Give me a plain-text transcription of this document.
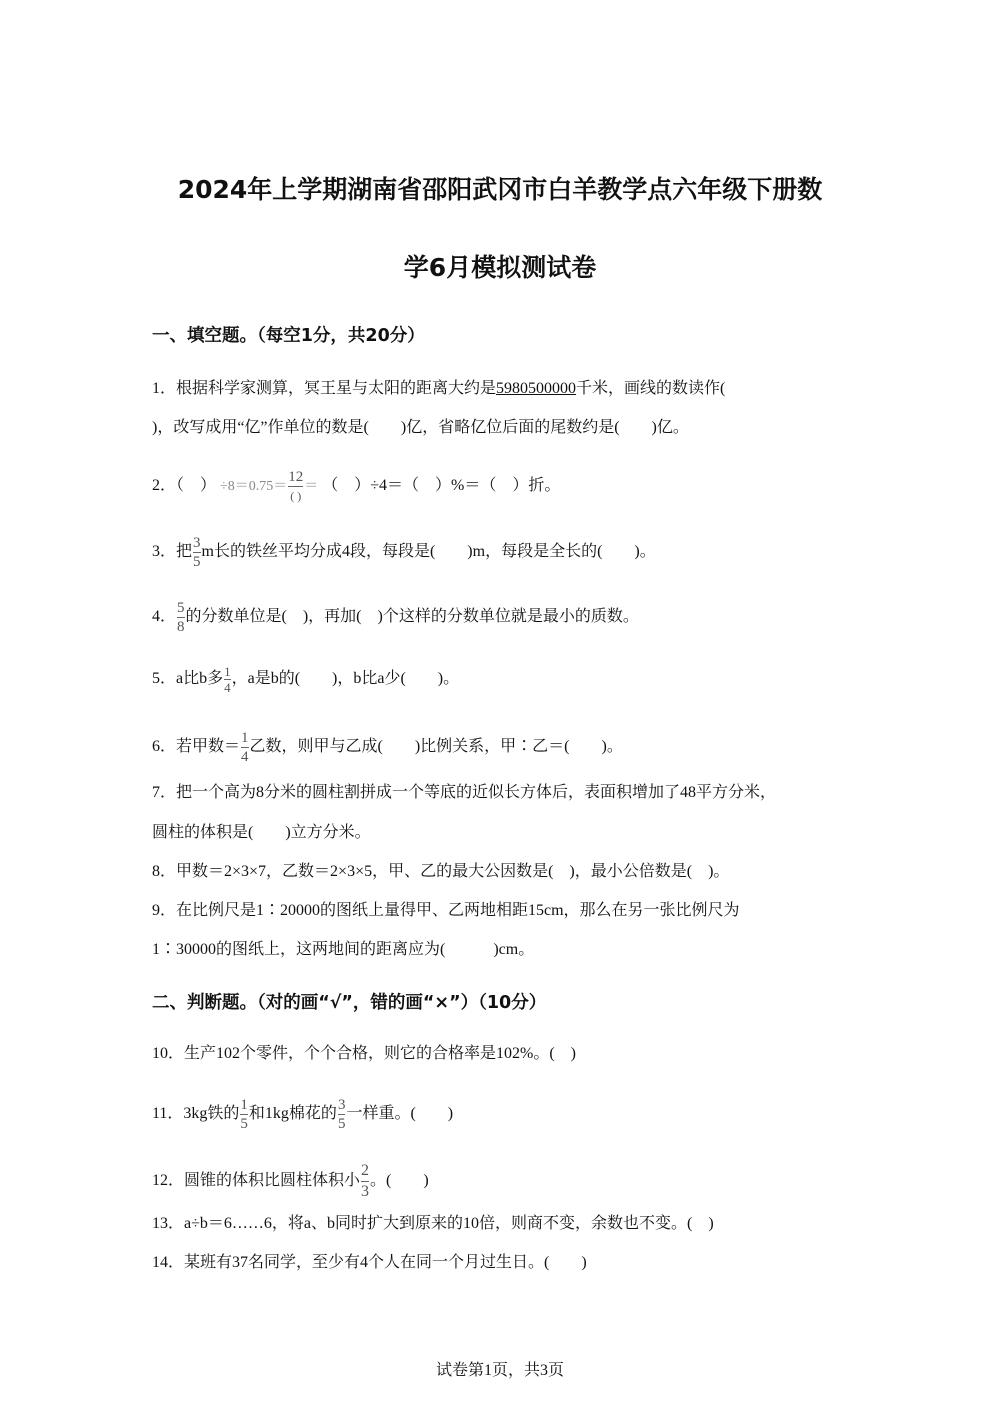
2024年上学期湖南省邵阳武冈市白羊教学点六年级下册数
学6月模拟测试卷
一、填空题。（每空1分，共20分）
1．根据科学家测算，冥王星与太阳的距离大约是5980500000千米，画线的数读作(
)，改写成用“亿”作单位的数是(　　)亿，省略亿位后面的尾数约是(　　)亿。
2．（　） $\div 8=0.75= \frac{12}{( )}$ ＝ （　）÷4＝（　）%＝（　）折。
3．把 $\frac{3}{5}$ m长的铁丝平均分成4段，每段是(　　)m，每段是全长的(　　)。
4． $\frac{5}{8}$ 的分数单位是(　)，再加(　)个这样的分数单位就是最小的质数。
5．a比b多 $\frac{1}{4}$ ，a是b的(　　)，b比a少(　　)。
6．若甲数＝ $\frac{1}{4}$ 乙数，则甲与乙成(　　)比例关系，甲∶乙＝(　　)。
7．把一个高为8分米的圆柱割拼成一个等底的近似长方体后，表面积增加了48平方分米，
圆柱的体积是(　　)立方分米。
8．甲数＝2×3×7，乙数＝2×3×5，甲、乙的最大公因数是(　)，最小公倍数是(　)。
9．在比例尺是1∶20000的图纸上量得甲、乙两地相距15cm，那么在另一张比例尺为
1∶30000的图纸上，这两地间的距离应为(　　　)cm。
二、判断题。（对的画“√”，错的画“×”）（10分）
10．生产102个零件，个个合格，则它的合格率是102%。(　)
11．3kg铁的 $\frac{1}{5}$ 和1kg棉花的 $\frac{3}{5}$ 一样重。(　　)
12．圆锥的体积比圆柱体积小 $\frac{2}{3}$ 。(　　)
13．a÷b＝6……6，将a、b同时扩大到原来的10倍，则商不变，余数也不变。(　)
14．某班有37名同学，至少有4个人在同一个月过生日。(　　)
试卷第1页，共3页
